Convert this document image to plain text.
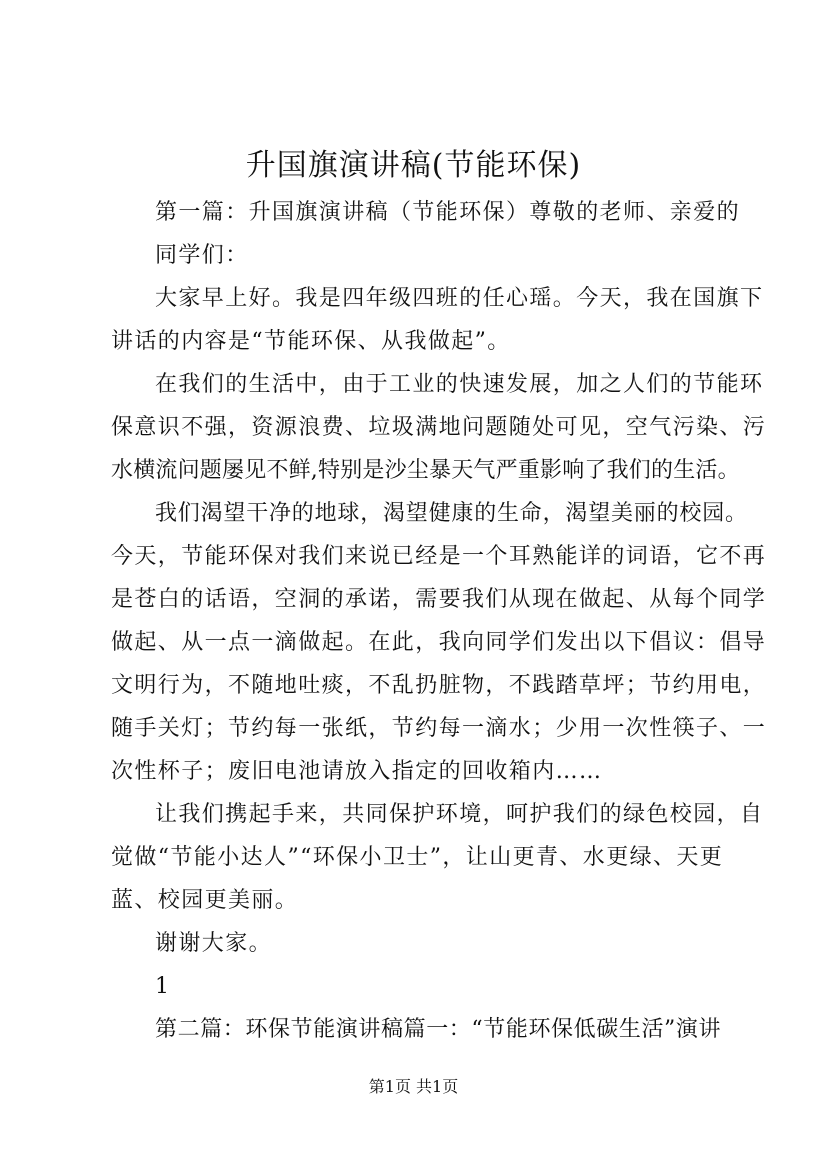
升国旗演讲稿(节能环保)
第一篇：升国旗演讲稿（节能环保）尊敬的老师、亲爱的
同学们：
大家早上好。我是四年级四班的任心瑶。今天，我在国旗下
讲话的内容是“节能环保、从我做起”。
在我们的生活中，由于工业的快速发展，加之人们的节能环
保意识不强，资源浪费、垃圾满地问题随处可见，空气污染、污
水横流问题屡见不鲜,特别是沙尘暴天气严重影响了我们的生活。
我们渴望干净的地球，渴望健康的生命，渴望美丽的校园。
今天，节能环保对我们来说已经是一个耳熟能详的词语，它不再
是苍白的话语，空洞的承诺，需要我们从现在做起、从每个同学
做起、从一点一滴做起。在此，我向同学们发出以下倡议：倡导
文明行为，不随地吐痰，不乱扔脏物，不践踏草坪；节约用电，
随手关灯；节约每一张纸，节约每一滴水；少用一次性筷子、一
次性杯子；废旧电池请放入指定的回收箱内……
让我们携起手来，共同保护环境，呵护我们的绿色校园，自
觉做“节能小达人”“环保小卫士”，让山更青、水更绿、天更
蓝、校园更美丽。
谢谢大家。
1
第二篇：环保节能演讲稿篇一：“节能环保低碳生活”演讲
第1页 共1页
